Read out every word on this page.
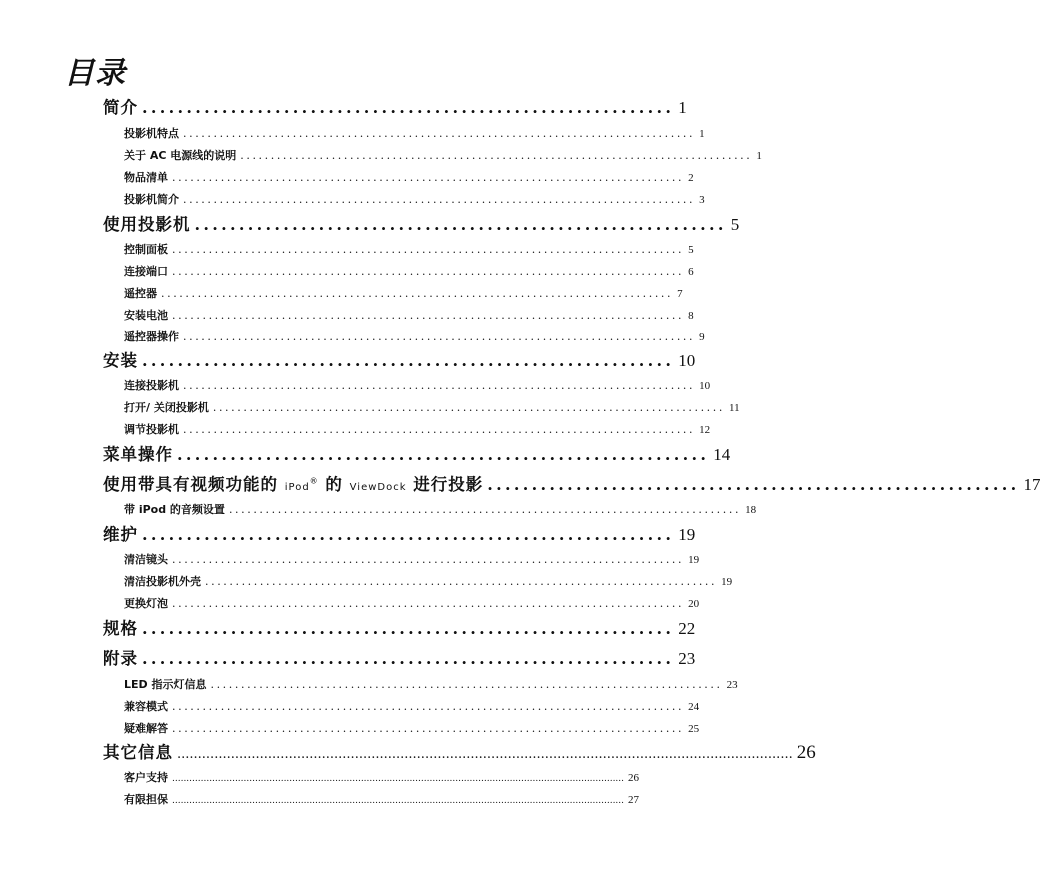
目录
简介 ............................................................ 1
投影机特点 .................................................................................... 1
关于 AC 电源线的说明 .................................................................................... 1
物品清单 .................................................................................... 2
投影机简介 .................................................................................... 3
使用投影机 ............................................................ 5
控制面板 .................................................................................... 5
连接端口 .................................................................................... 6
遥控器 .................................................................................... 7
安装电池 .................................................................................... 8
遥控器操作 .................................................................................... 9
安装 ............................................................ 10
连接投影机 .................................................................................... 10
打开/ 关闭投影机 .................................................................................... 11
调节投影机 .................................................................................... 12
菜单操作 ............................................................ 14
使用带具有视频功能的 iPod® 的 ViewDock 进行投影 ............................................................ 17
带 iPod 的音频设置 .................................................................................... 18
维护 ............................................................ 19
清洁镜头 .................................................................................... 19
清洁投影机外壳 .................................................................................... 19
更换灯泡 .................................................................................... 20
规格 ............................................................ 22
附录 ............................................................ 23
LED 指示灯信息 .................................................................................... 23
兼容模式 .................................................................................... 24
疑难解答 .................................................................................... 25
其它信息 ..................................................................................................................................................... 26
客户支持 .............................................................................................................................................................. 26
有限担保 .............................................................................................................................................................. 27
